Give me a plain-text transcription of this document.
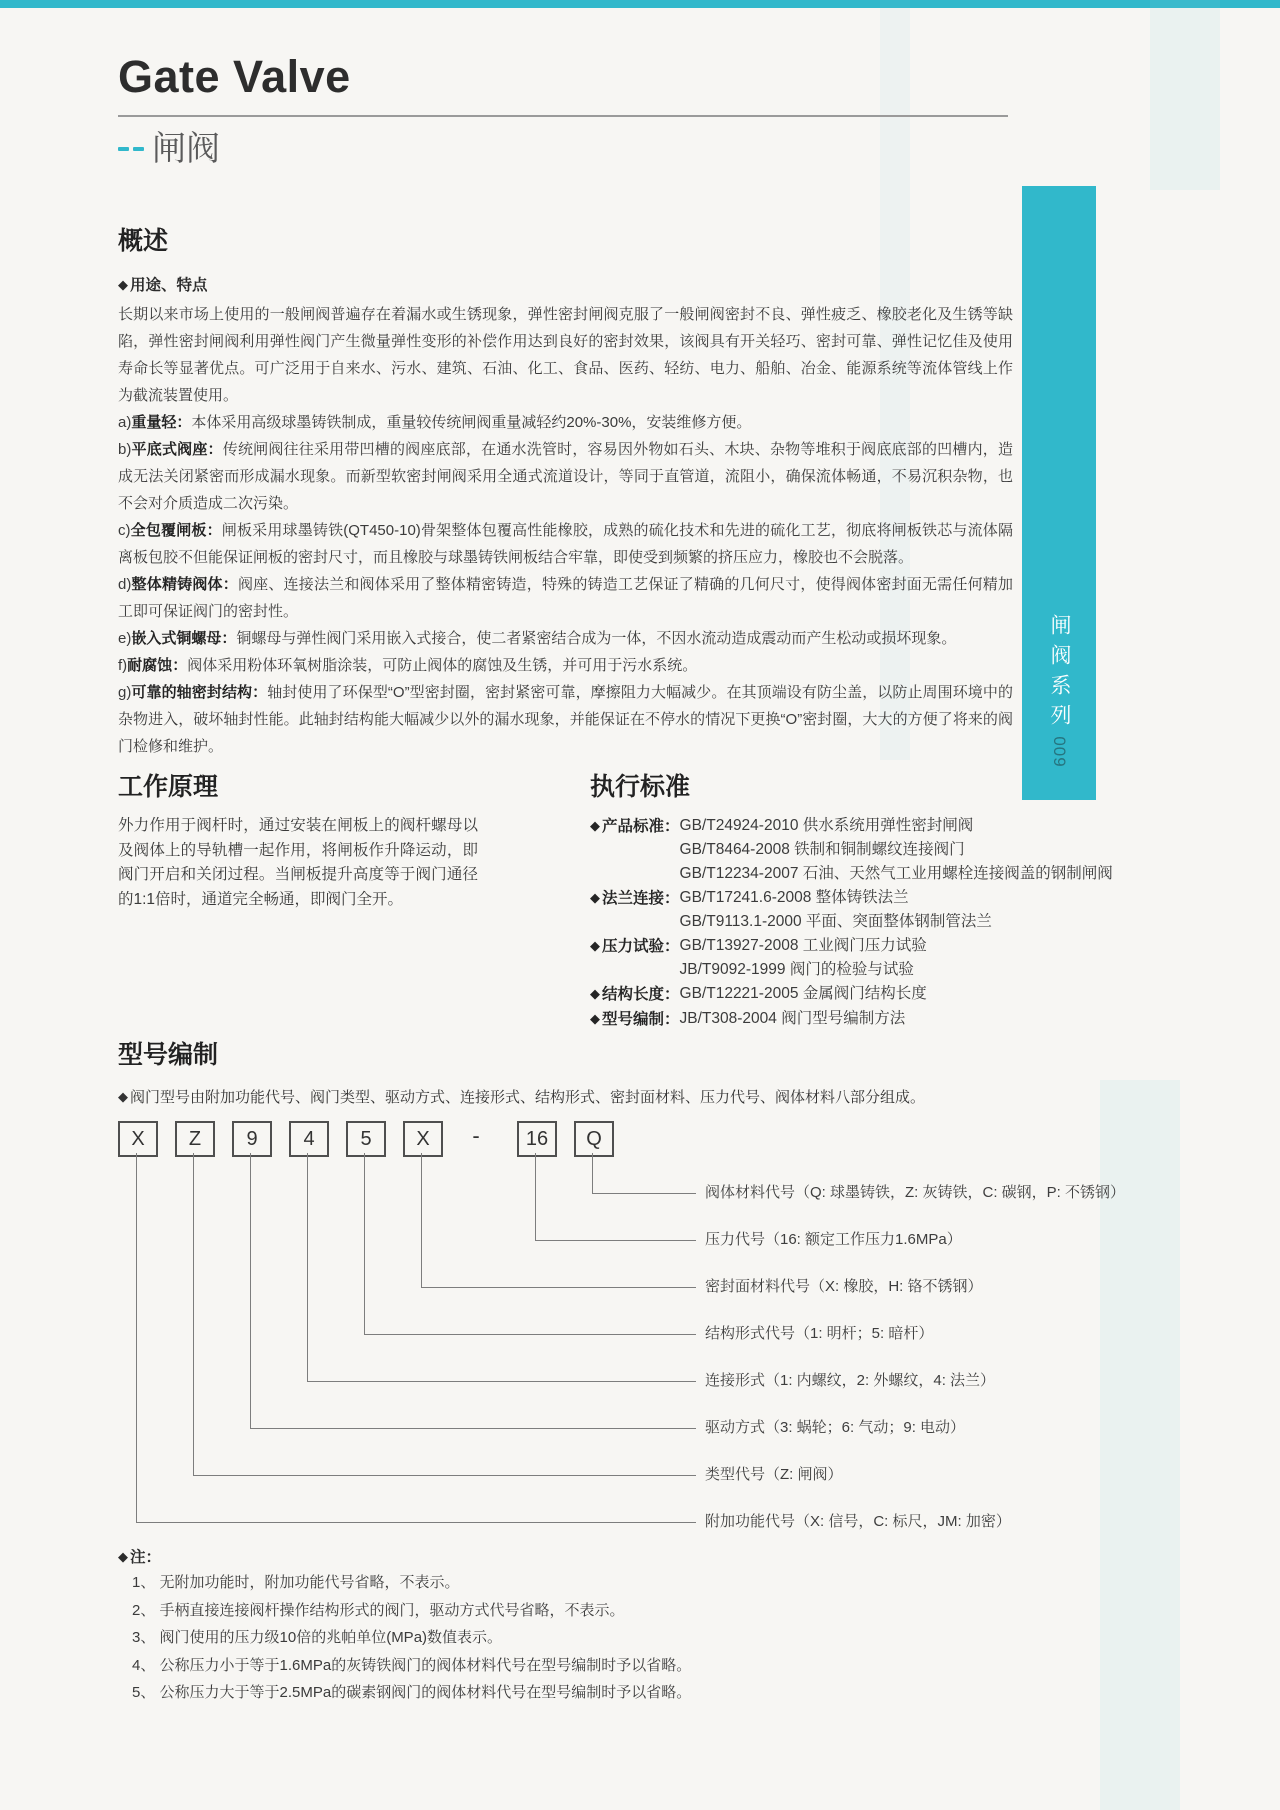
Gate Valve
闸阀
闸阀系列
009
概述
◆ 用途、特点

长期以来市场上使用的一般闸阀普遍存在着漏水或生锈现象，弹性密封闸阀克服了一般闸阀密封不良、弹性疲乏、橡胶老化及生锈等缺陷，弹性密封闸阀利用弹性阀门产生微量弹性变形的补偿作用达到良好的密封效果，该阀具有开关轻巧、密封可靠、弹性记忆佳及使用寿命长等显著优点。可广泛用于自来水、污水、建筑、石油、化工、食品、医药、轻纺、电力、船舶、冶金、能源系统等流体管线上作为截流装置使用。

a)重量轻 ： 本体采用高级球墨铸铁制成，重量较传统闸阀重量减轻约20%-30%，安装维修方便。

b)平底式阀座 ： 传统闸阀往往采用带凹槽的阀座底部，在通水洗管时，容易因外物如石头、木块、杂物等堆积于阀底底部的凹槽内，造成无法关闭紧密而形成漏水现象。而新型软密封闸阀采用全通式流道设计，等同于直管道，流阻小，确保流体畅通，不易沉积杂物，也不会对介质造成二次污染。

c)全包覆闸板 ： 闸板采用球墨铸铁(QT450-10)骨架整体包覆高性能橡胶，成熟的硫化技术和先进的硫化工艺，彻底将闸板铁芯与流体隔离板包胶不但能保证闸板的密封尺寸，而且橡胶与球墨铸铁闸板结合牢靠，即使受到频繁的挤压应力，橡胶也不会脱落。

d)整体精铸阀体 ： 阀座、连接法兰和阀体采用了整体精密铸造，特殊的铸造工艺保证了精确的几何尺寸，使得阀体密封面无需任何精加工即可保证阀门的密封性。

e)嵌入式铜螺母 ： 铜螺母与弹性阀门采用嵌入式接合，使二者紧密结合成为一体，不因水流动造成震动而产生松动或损坏现象。

f)耐腐蚀 ： 阀体采用粉体环氧树脂涂装，可防止阀体的腐蚀及生锈，并可用于污水系统。

g)可靠的轴密封结构 ： 轴封使用了环保型“O”型密封圈，密封紧密可靠，摩擦阻力大幅减少。在其顶端设有防尘盖，以防止周围环境中的杂物进入，破坏轴封性能。此轴封结构能大幅减少以外的漏水现象，并能保证在不停水的情况下更换“O”密封圈，大大的方便了将来的阀门检修和维护。

工作原理

外力作用于阀杆时，通过安装在闸板上的阀杆螺母以及阀体上的导轨槽一起作用，将闸板作升降运动，即阀门开启和关闭过程。当闸板提升高度等于阀门通径的1:1倍时，通道完全畅通，即阀门全开。

执行标准
◆ 产品标准 ：	GB/T24924-2010 供水系统用弹性密封闸阀
GB/T8464-2008 铁制和铜制螺纹连接阀门
GB/T12234-2007 石油、天然气工业用螺栓连接阀盖的钢制闸阀
◆ 法兰连接 ：	GB/T17241.6-2008 整体铸铁法兰
GB/T9113.1-2000 平面、突面整体钢制管法兰
◆ 压力试验 ：	GB/T13927-2008 工业阀门压力试验
JB/T9092-1999 阀门的检验与试验
◆ 结构长度 ：	GB/T12221-2005 金属阀门结构长度
◆ 型号编制 ：	JB/T308-2004 阀门型号编制方法
型号编制
◆ 阀门型号由附加功能代号、阀门类型、驱动方式、连接形式、结构形式、密封面材料、压力代号、阀体材料八部分组成。
X	Z	9	4	5	X	-	16	Q
阀体材料代号（Q: 球墨铸铁，Z: 灰铸铁，C: 碳钢，P: 不锈钢）
压力代号（16: 额定工作压力1.6MPa）
密封面材料代号（X: 橡胶，H: 铬不锈钢）
结构形式代号（1: 明杆；5: 暗杆）
连接形式（1: 内螺纹，2: 外螺纹，4: 法兰）
驱动方式（3: 蜗轮；6: 气动；9: 电动）
类型代号（Z: 闸阀）
附加功能代号（X: 信号，C: 标尺，JM: 加密）
◆ 注：

1、 无附加功能时，附加功能代号省略，不表示。

2、 手柄直接连接阀杆操作结构形式的阀门，驱动方式代号省略，不表示。

3、 阀门使用的压力级10倍的兆帕单位(MPa)数值表示。

4、 公称压力小于等于1.6MPa的灰铸铁阀门的阀体材料代号在型号编制时予以省略。

5、 公称压力大于等于2.5MPa的碳素钢阀门的阀体材料代号在型号编制时予以省略。
